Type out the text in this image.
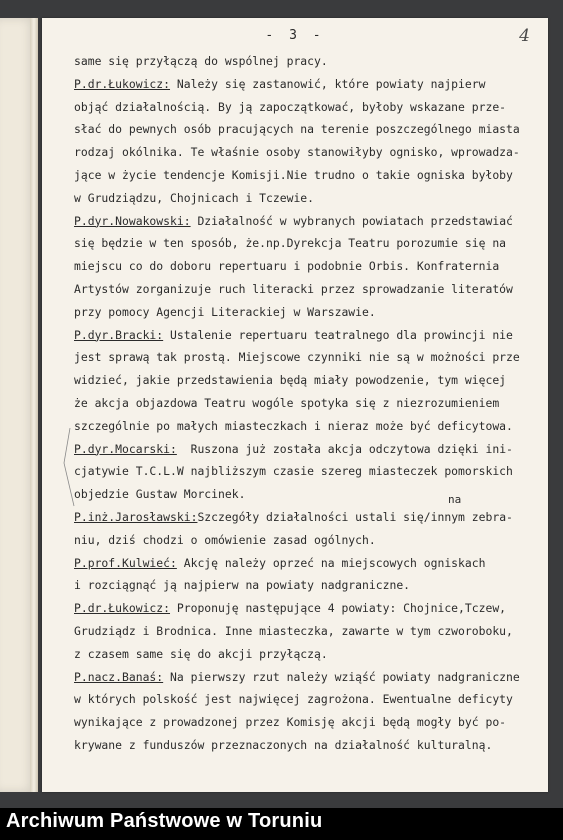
- 3 -	4
same się przyłączą do wspólnej pracy.
P.dr.Łukowicz: Należy się zastanowić, które powiaty najpierw
objąć działalnością. By ją zapoczątkować, byłoby wskazane prze-
słać do pewnych osób pracujących na terenie poszczególnego miasta
rodzaj okólnika. Te właśnie osoby stanowiłyby ognisko, wprowadza-
jące w życie tendencje Komisji.Nie trudno o takie ogniska byłoby
w Grudziądzu, Chojnicach i Tczewie.
P.dyr.Nowakowski: Działalność w wybranych powiatach przedstawiać
się będzie w ten sposób, że.np.Dyrekcja Teatru porozumie się na
miejscu co do doboru repertuaru i podobnie Orbis. Konfraternia
Artystów zorganizuje ruch literacki przez sprowadzanie literatów
przy pomocy Agencji Literackiej w Warszawie.
P.dyr.Bracki: Ustalenie repertuaru teatralnego dla prowincji nie
jest sprawą tak prostą. Miejscowe czynniki nie są w możności prze
widzieć, jakie przedstawienia będą miały powodzenie, tym więcej
że akcja objazdowa Teatru wogóle spotyka się z niezrozumieniem
szczególnie po małych miasteczkach i nieraz może być deficytowa.
P.dyr.Mocarski:  Ruszona już została akcja odczytowa dzięki ini-
cjatywie T.C.L.W najbliższym czasie szereg miasteczek pomorskich
objedzie Gustaw Morcinek.
P.inż.Jarosławski:Szczegóły działalności ustali się/innym zebra-
niu, dziś chodzi o omówienie zasad ogólnych.
P.prof.Kulwieć: Akcję należy oprzeć na miejscowych ogniskach
i rozciągnąć ją najpierw na powiaty nadgraniczne.
P.dr.Łukowicz: Proponuję następujące 4 powiaty: Chojnice,Tczew,
Grudziądz i Brodnica. Inne miasteczka, zawarte w tym czworoboku,
z czasem same się do akcji przyłączą.
P.nacz.Banaś: Na pierwszy rzut należy wziąść powiaty nadgraniczne
w których polskość jest najwięcej zagrożona. Ewentualne deficyty
wynikające z prowadzonej przez Komisję akcji będą mogły być po-
krywane z funduszów przeznaczonych na działalność kulturalną.
na
Archiwum Państwowe w Toruniu
